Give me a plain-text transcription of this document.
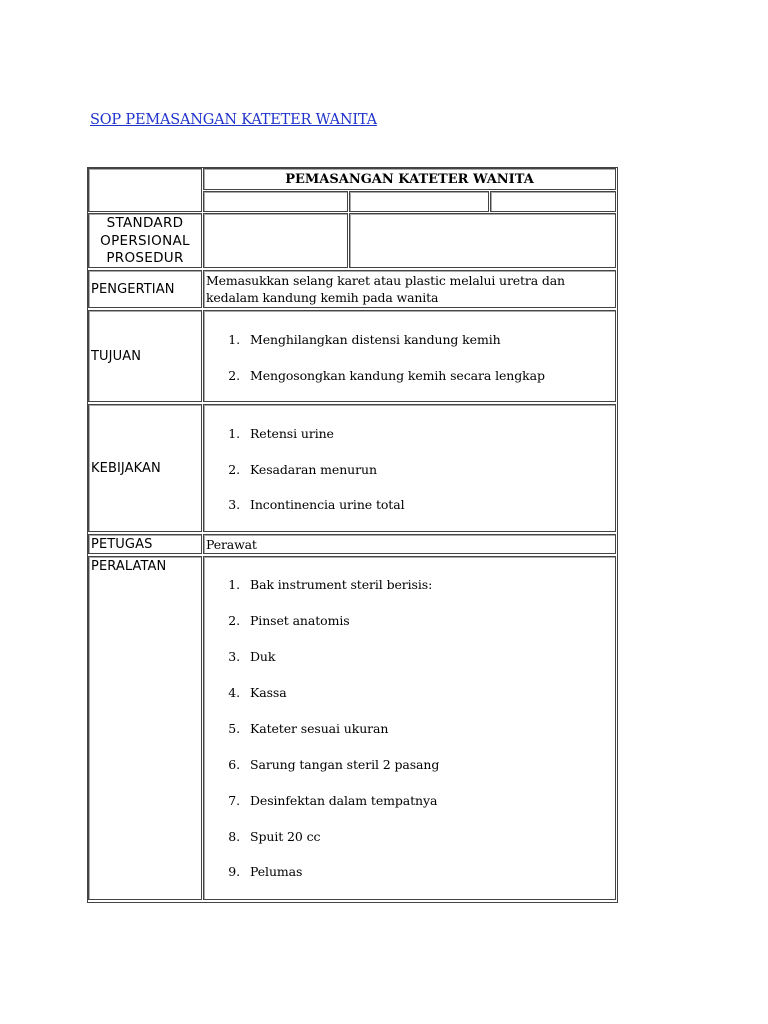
SOP PEMASANGAN KATETER WANITA
PEMASANGAN KATETER WANITA
STANDARD
OPERSIONAL
PROSEDUR
PENGERTIAN
Memasukkan selang karet atau plastic melalui uretra dan kedalam kandung kemih pada wanita
TUJUAN
1. Menghilangkan distensi kandung kemih
2. Mengosongkan kandung kemih secara lengkap
KEBIJAKAN
1. Retensi urine
2. Kesadaran menurun
3. Incontinencia urine total
PETUGAS	Perawat
PERALATAN
1. Bak instrument steril berisis:
2. Pinset anatomis
3. Duk
4. Kassa
5. Kateter sesuai ukuran
6. Sarung tangan steril 2 pasang
7. Desinfektan dalam tempatnya
8. Spuit 20 cc
9. Pelumas
